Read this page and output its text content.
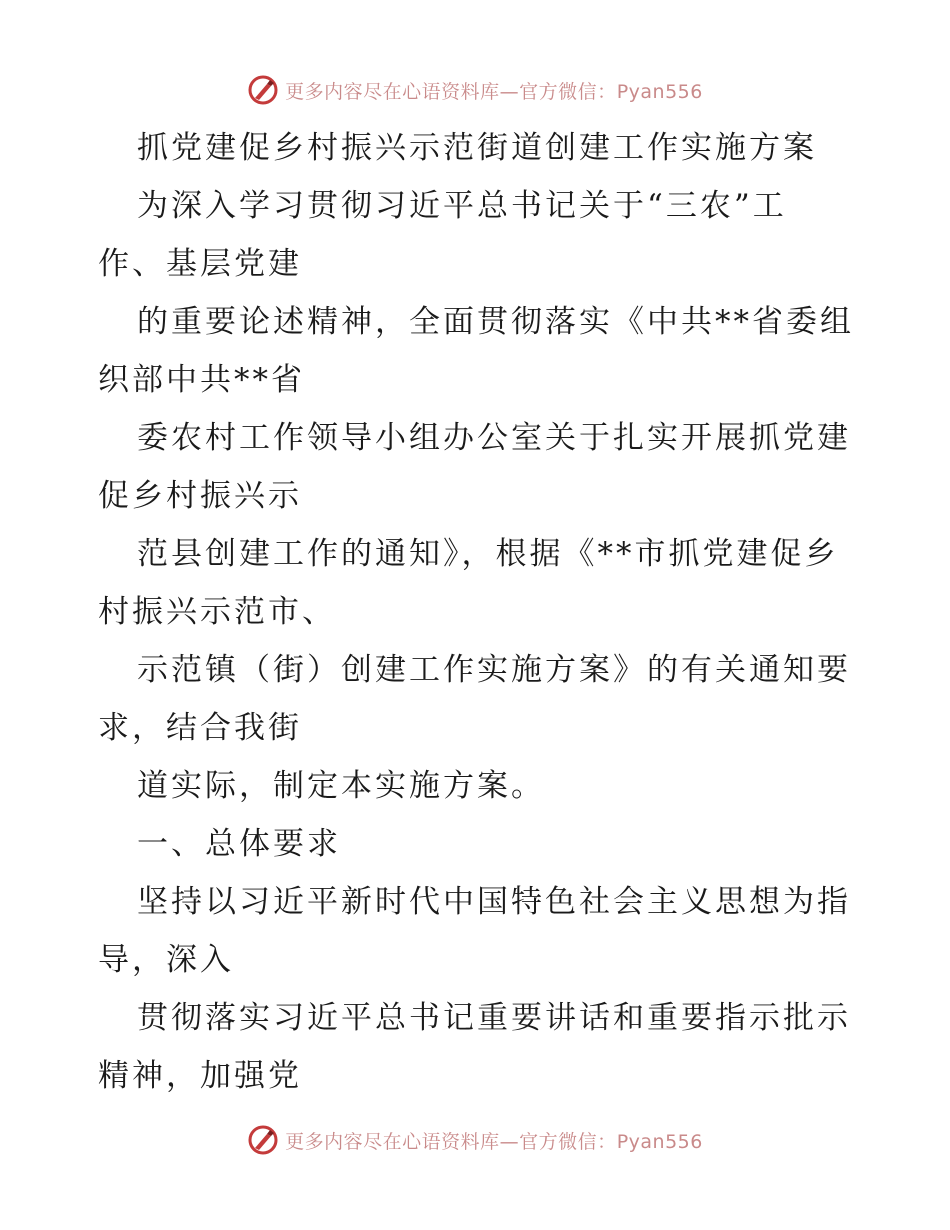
更多内容尽在心语资料库—官方微信：Pyan556
抓党建促乡村振兴示范街道创建工作实施方案
为深入学习贯彻习近平总书记关于“三农”工
作、基层党建
的重要论述精神，全面贯彻落实《中共**省委组
织部中共**省
委农村工作领导小组办公室关于扎实开展抓党建
促乡村振兴示
范县创建工作的通知》，根据《**市抓党建促乡
村振兴示范市、
示范镇（街）创建工作实施方案》的有关通知要
求，结合我街
道实际，制定本实施方案。
一、总体要求
坚持以习近平新时代中国特色社会主义思想为指
导，深入
贯彻落实习近平总书记重要讲话和重要指示批示
精神，加强党
更多内容尽在心语资料库—官方微信：Pyan556
